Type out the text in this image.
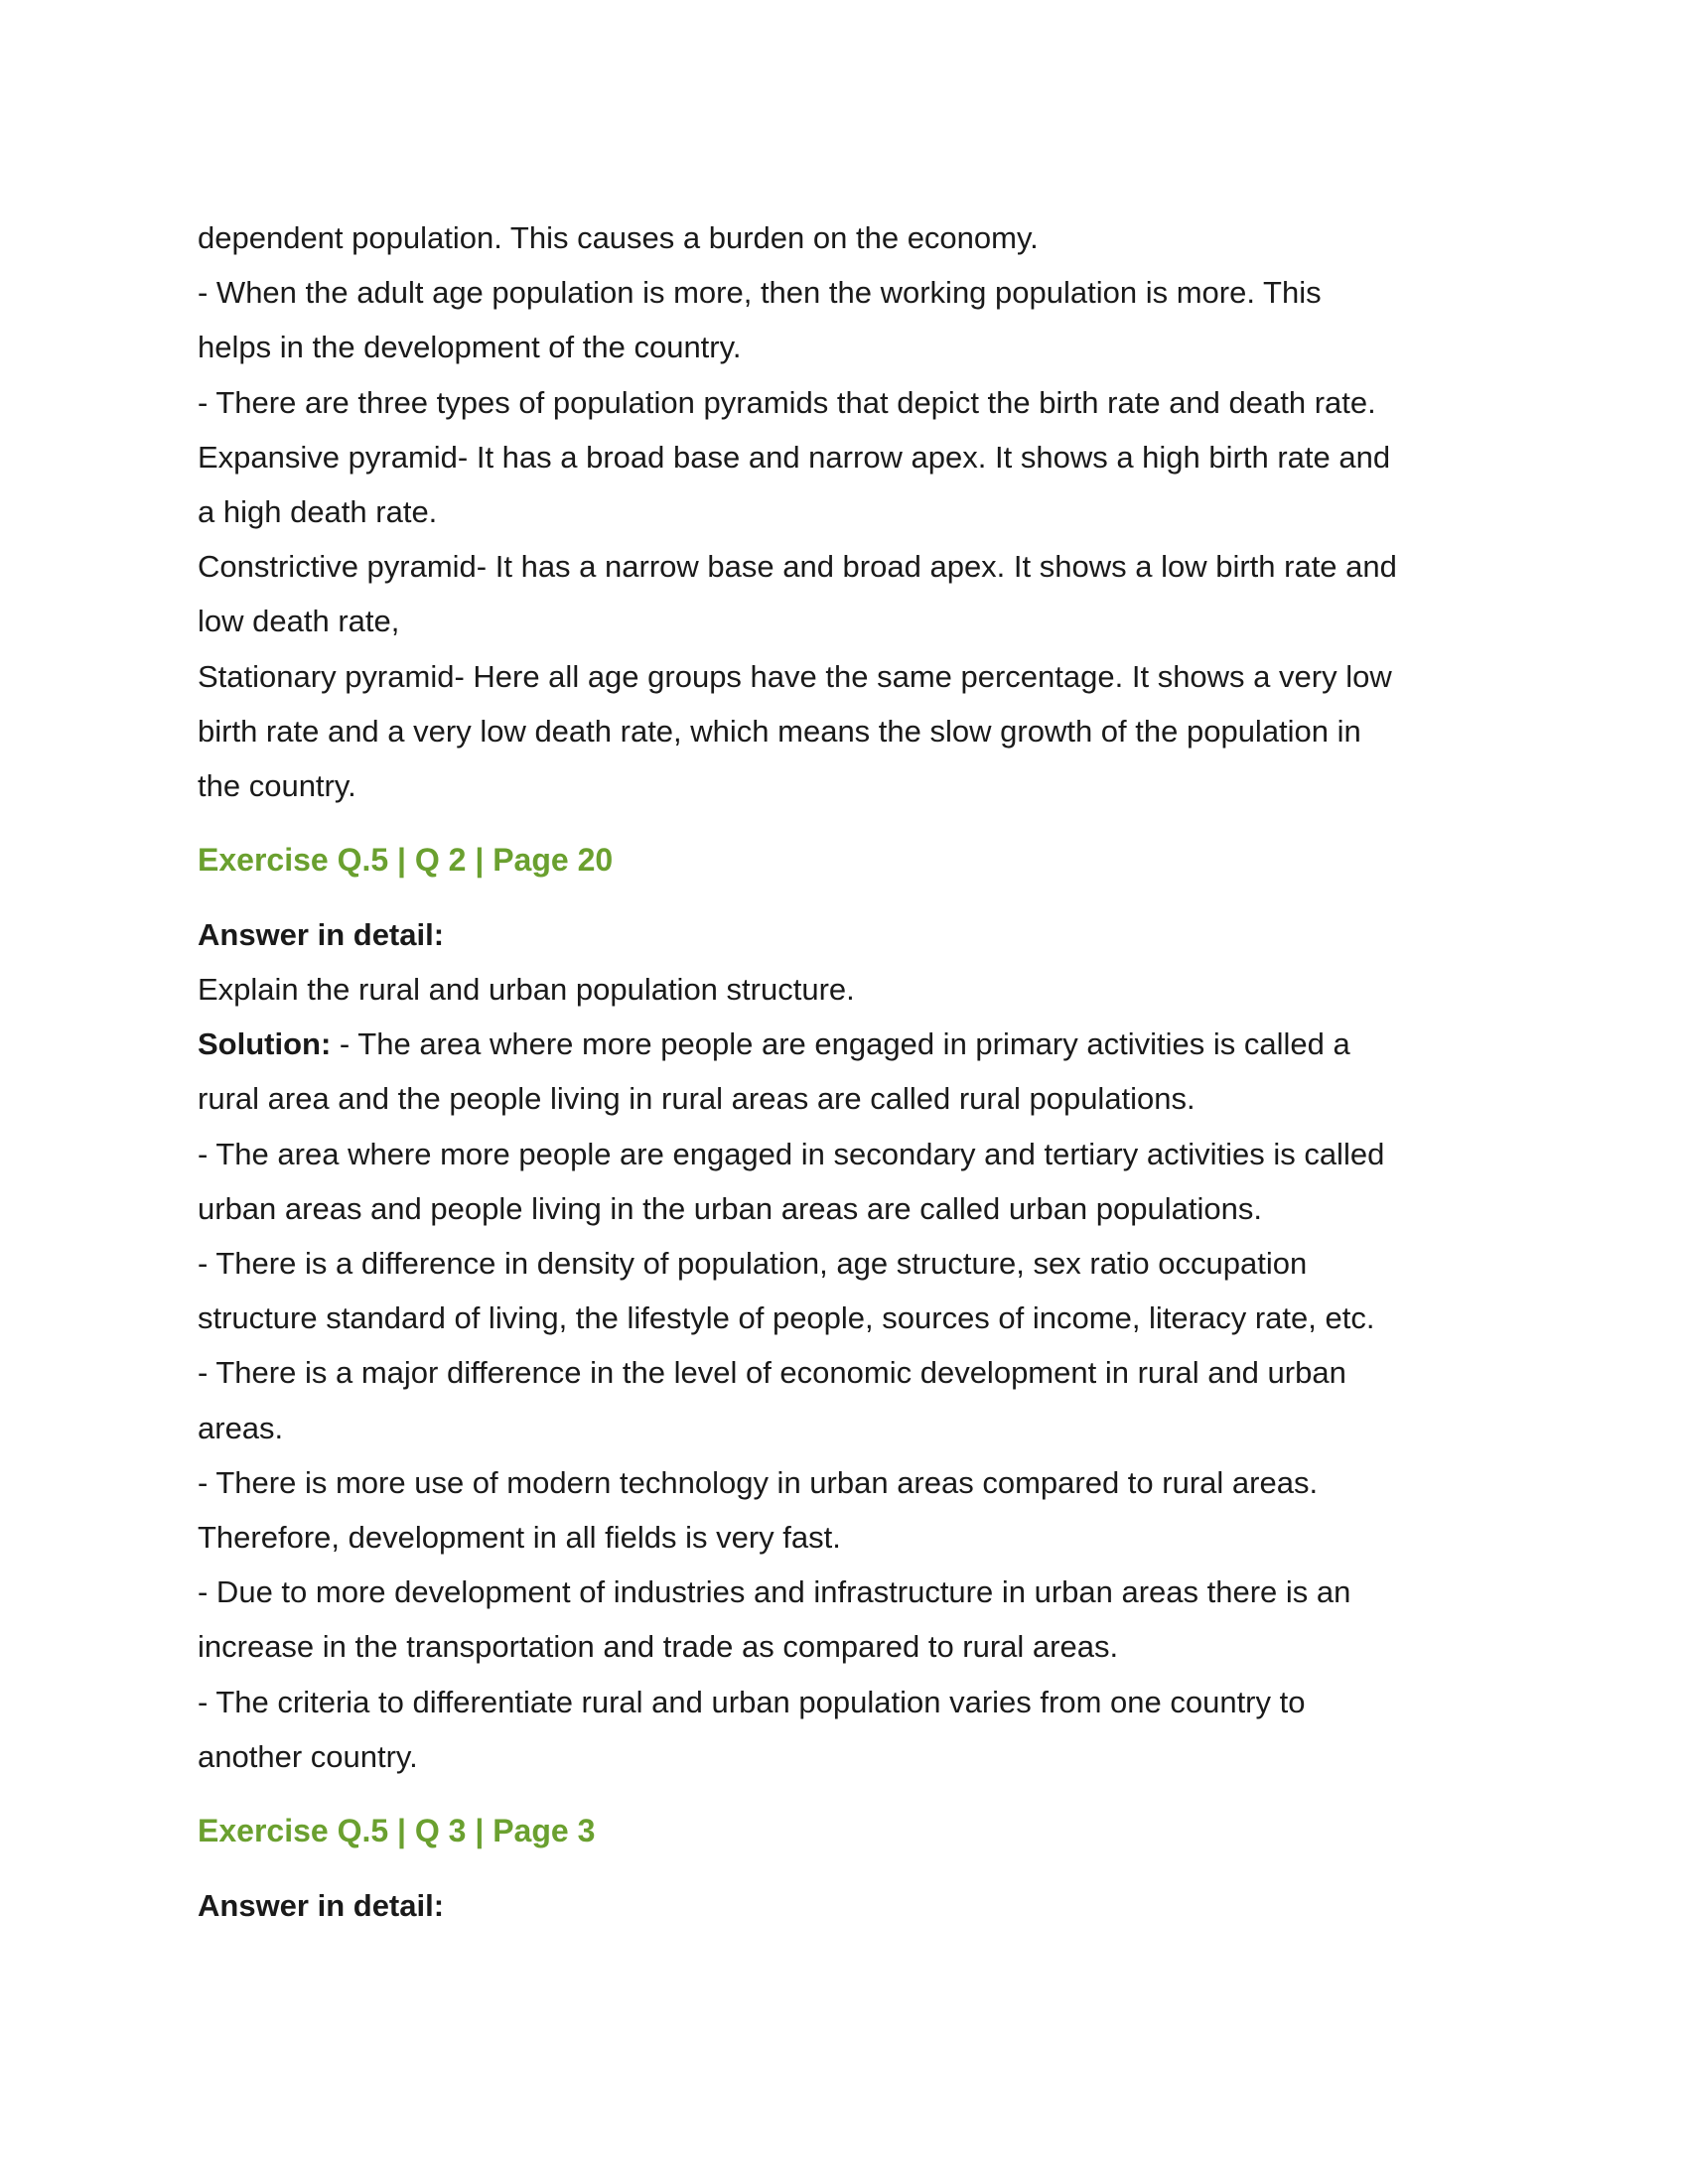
dependent population. This causes a burden on the economy.
- When the adult age population is more, then the working population is more. This
helps in the development of the country.
- There are three types of population pyramids that depict the birth rate and death rate.
Expansive pyramid- It has a broad base and narrow apex. It shows a high birth rate and
a high death rate.
Constrictive pyramid- It has a narrow base and broad apex. It shows a low birth rate and
low death rate,
Stationary pyramid- Here all age groups have the same percentage. It shows a very low
birth rate and a very low death rate, which means the slow growth of the population in
the country.
Exercise Q.5 | Q 2 | Page 20
Answer in detail:
Explain the rural and urban population structure.
Solution: - The area where more people are engaged in primary activities is called a
rural area and the people living in rural areas are called rural populations.
- The area where more people are engaged in secondary and tertiary activities is called
urban areas and people living in the urban areas are called urban populations.
- There is a difference in density of population, age structure, sex ratio occupation
structure standard of living, the lifestyle of people, sources of income, literacy rate, etc.
- There is a major difference in the level of economic development in rural and urban
areas.
- There is more use of modern technology in urban areas compared to rural areas.
Therefore, development in all fields is very fast.
- Due to more development of industries and infrastructure in urban areas there is an
increase in the transportation and trade as compared to rural areas.
- The criteria to differentiate rural and urban population varies from one country to
another country.
Exercise Q.5 | Q 3 | Page 3
Answer in detail:
